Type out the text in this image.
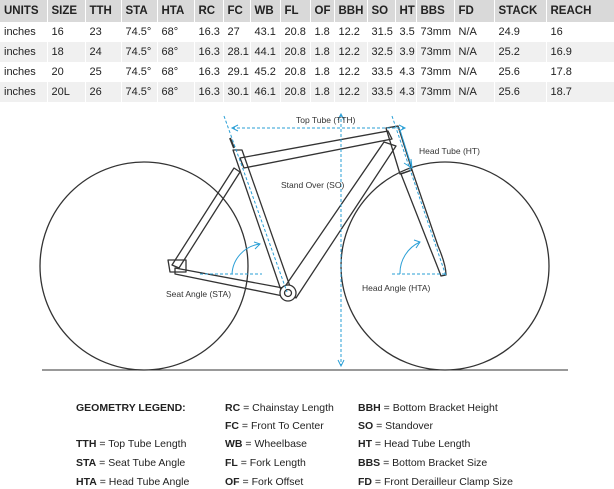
UNITS	SIZE	TTH	STA	HTA	RC	FC	WB	FL	OF	BBH	SO	HT	BBS	FD	STACK	REACH
inches	16	23	74.5°	68°	16.3	27	43.1	20.8	1.8	12.2	31.5	3.5	73mm	N/A	24.9	16
inches	18	24	74.5°	68°	16.3	28.1	44.1	20.8	1.8	12.2	32.5	3.9	73mm	N/A	25.2	16.9
inches	20	25	74.5°	68°	16.3	29.1	45.2	20.8	1.8	12.2	33.5	4.3	73mm	N/A	25.6	17.8
inches	20L	26	74.5°	68°	16.3	30.1	46.1	20.8	1.8	12.2	33.5	4.3	73mm	N/A	25.6	18.7
Top Tube (TTH)
Head Tube (HT)
Stand Over (SO)
Seat Angle (STA)
Head Angle (HTA)
GEOMETRY LEGEND:	RC = Chainstay Length
FC = Front To Center
WB = Wheelbase
FL = Fork Length
OF = Fork Offset
TTH = Top Tube Length
STA = Seat Tube Angle
HTA = Head Tube Angle
BBH = Bottom Bracket Height
SO = Standover
HT = Head Tube Length
BBS = Bottom Bracket Size
FD = Front Derailleur Clamp Size
